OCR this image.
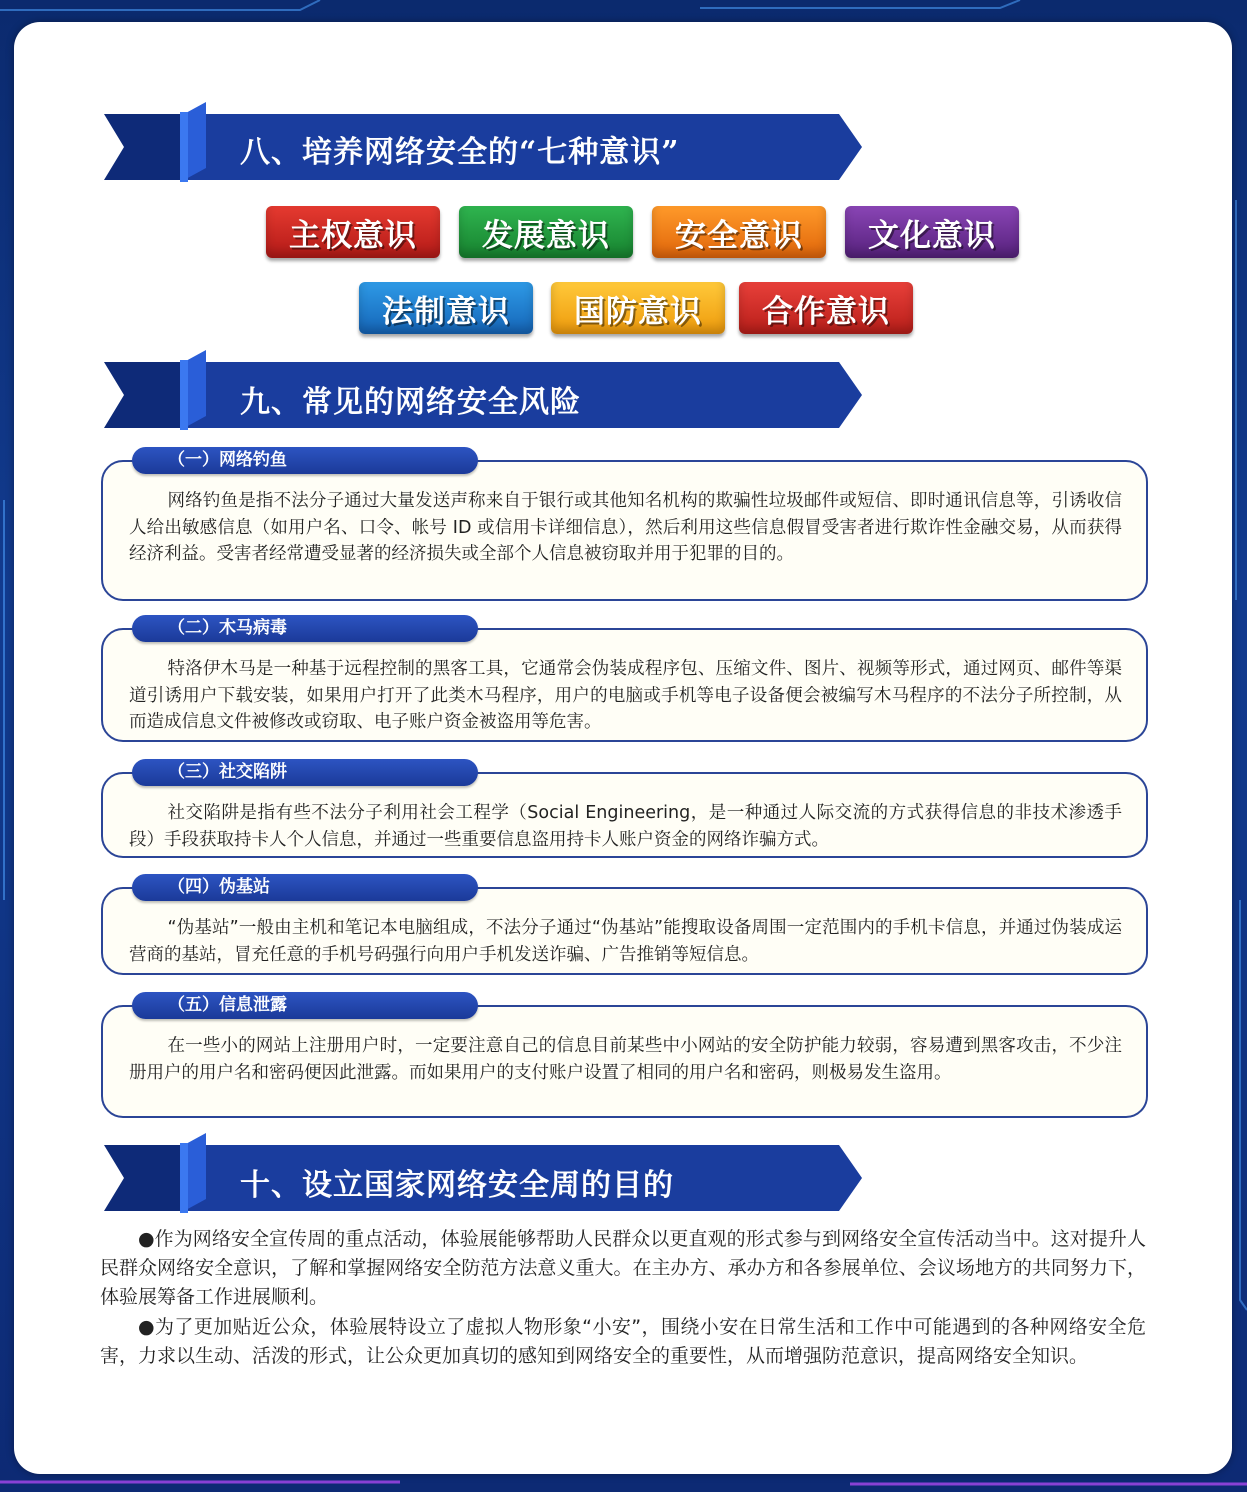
八、培养网络安全的“七种意识”
主权意识	发展意识	安全意识	文化意识
法制意识	国防意识	合作意识
九、常见的网络安全风险

网络钓鱼是指不法分子通过大量发送声称来自于银行或其他知名机构的欺骗性垃圾邮件或短信、即时通讯信息等，引诱收信人给出敏感信息（如用户名、口令、帐号 ID 或信用卡详细信息），然后利用这些信息假冒受害者进行欺诈性金融交易，从而获得经济利益。受害者经常遭受显著的经济损失或全部个人信息被窃取并用于犯罪的目的。

（一）网络钓鱼

特洛伊木马是一种基于远程控制的黑客工具，它通常会伪装成程序包、压缩文件、图片、视频等形式，通过网页、邮件等渠道引诱用户下载安装，如果用户打开了此类木马程序，用户的电脑或手机等电子设备便会被编写木马程序的不法分子所控制，从而造成信息文件被修改或窃取、电子账户资金被盗用等危害。

（二）木马病毒

社交陷阱是指有些不法分子利用社会工程学（Social Engineering，是一种通过人际交流的方式获得信息的非技术渗透手段）手段获取持卡人个人信息，并通过一些重要信息盗用持卡人账户资金的网络诈骗方式。

（三）社交陷阱

“伪基站”一般由主机和笔记本电脑组成，不法分子通过“伪基站”能搜取设备周围一定范围内的手机卡信息，并通过伪装成运营商的基站，冒充任意的手机号码强行向用户手机发送诈骗、广告推销等短信息。

（四）伪基站

在一些小的网站上注册用户时，一定要注意自己的信息目前某些中小网站的安全防护能力较弱，容易遭到黑客攻击，不少注册用户的用户名和密码便因此泄露。而如果用户的支付账户设置了相同的用户名和密码，则极易发生盗用。

（五）信息泄露
十、设立国家网络安全周的目的

●作为网络安全宣传周的重点活动，体验展能够帮助人民群众以更直观的形式参与到网络安全宣传活动当中。这对提升人民群众网络安全意识，了解和掌握网络安全防范方法意义重大。在主办方、承办方和各参展单位、会议场地方的共同努力下，体验展筹备工作进展顺利。

●为了更加贴近公众，体验展特设立了虚拟人物形象“小安”，围绕小安在日常生活和工作中可能遇到的各种网络安全危害，力求以生动、活泼的形式，让公众更加真切的感知到网络安全的重要性，从而增强防范意识，提高网络安全知识。
